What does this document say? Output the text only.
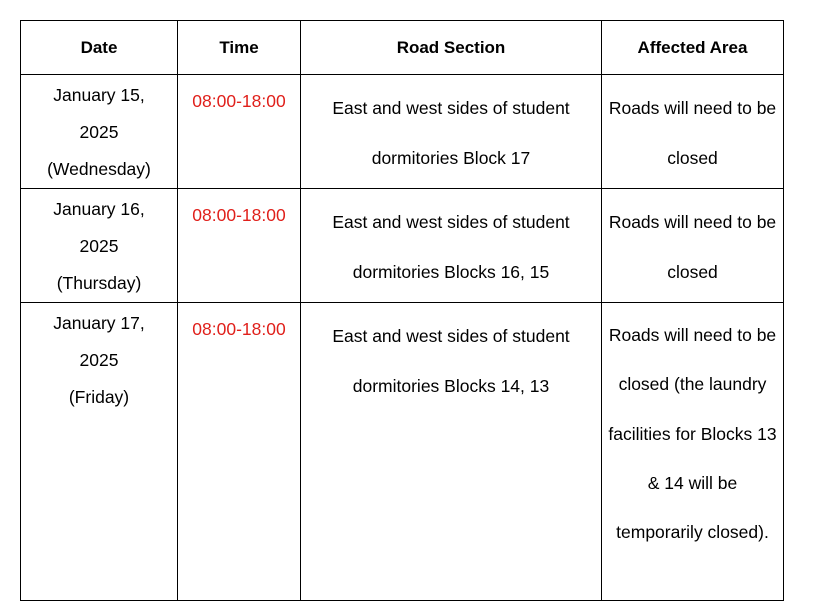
Date	Time	Road Section	Affected Area

January 15,
2025
(Wednesday)	08:00-18:00	East and west sides of student dormitories Block 17	Roads will need to be closed

January 16,
2025
(Thursday)	08:00-18:00	East and west sides of student dormitories Blocks 16, 15	Roads will need to be closed

January 17,
2025
(Friday)	08:00-18:00	East and west sides of student dormitories Blocks 14, 13	Roads will need to be closed (the laundry facilities for Blocks 13 & 14 will be temporarily closed).
